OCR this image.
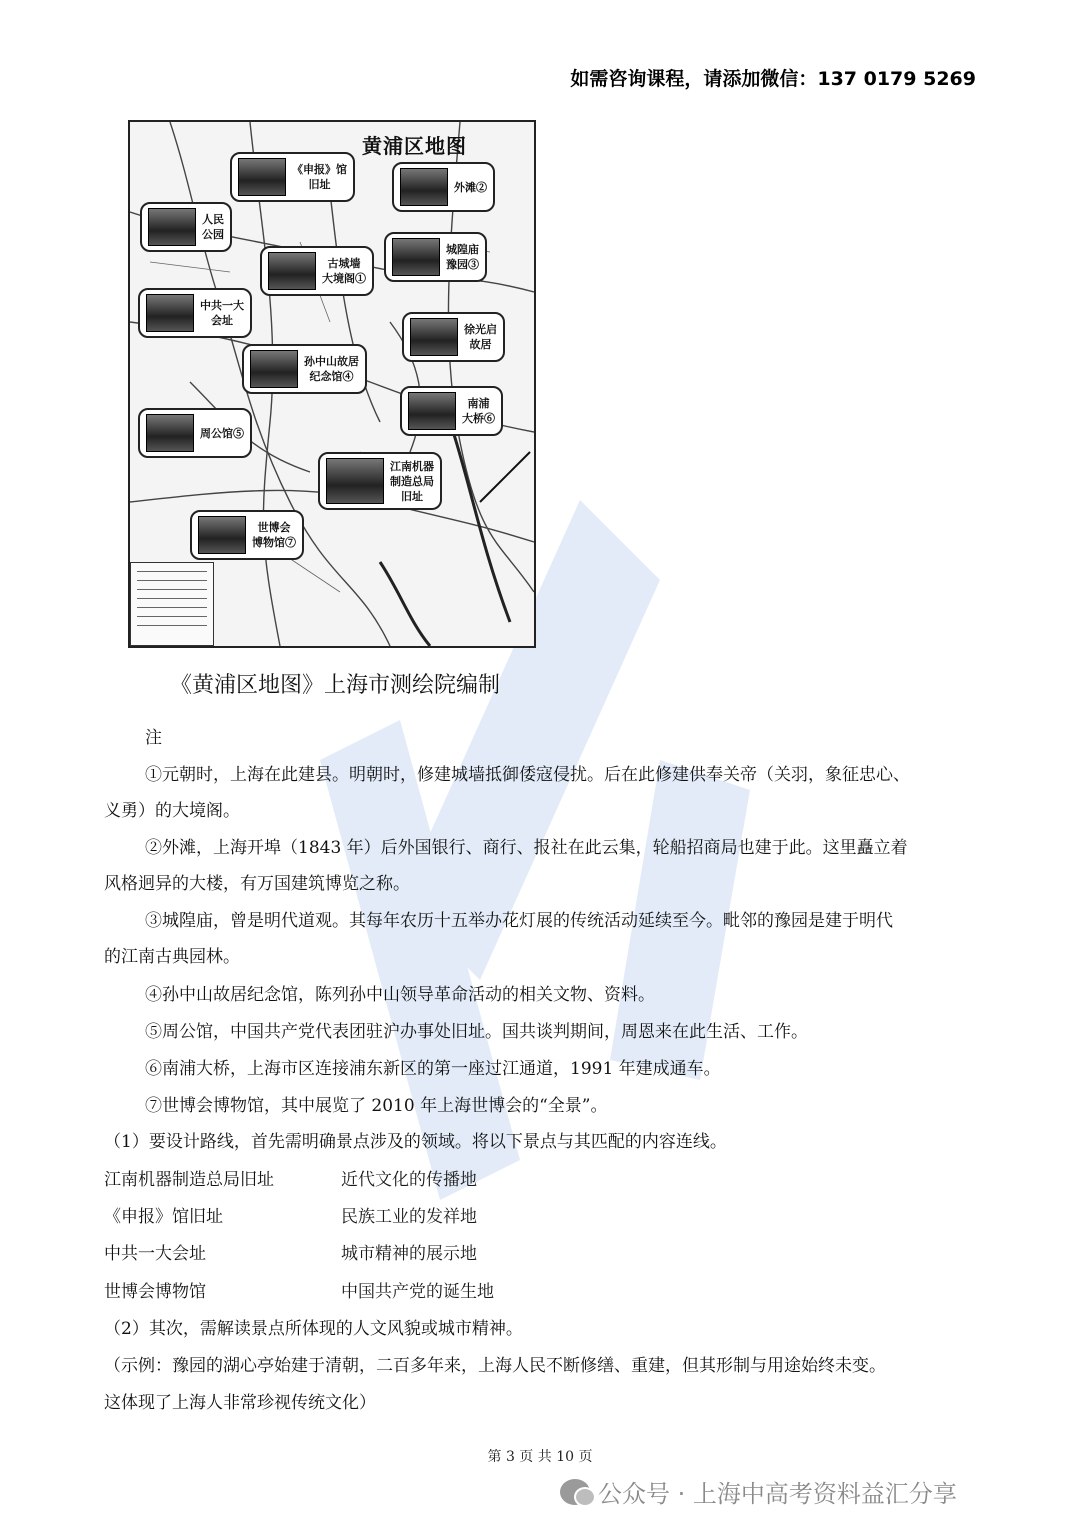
如需咨询课程，请添加微信：137 0179 5269
黄浦区地图
《申报》馆
旧址	外滩②
人民
公园
古城墙
大境阁①
城隍庙
豫园③
中共一大
会址
徐光启
故居
孙中山故居
纪念馆④
南浦
大桥⑥
周公馆⑤
江南机器
制造总局
旧址
世博会
博物馆⑦
《黄浦区地图》上海市测绘院编制
注
①元朝时，上海在此建县。明朝时，修建城墙抵御倭寇侵扰。后在此修建供奉关帝（关羽，象征忠心、
义勇）的大境阁。
②外滩，上海开埠（1843 年）后外国银行、商行、报社在此云集，轮船招商局也建于此。这里矗立着
风格迥异的大楼，有万国建筑博览之称。
③城隍庙，曾是明代道观。其每年农历十五举办花灯展的传统活动延续至今。毗邻的豫园是建于明代
的江南古典园林。
④孙中山故居纪念馆，陈列孙中山领导革命活动的相关文物、资料。
⑤周公馆，中国共产党代表团驻沪办事处旧址。国共谈判期间，周恩来在此生活、工作。
⑥南浦大桥，上海市区连接浦东新区的第一座过江通道，1991 年建成通车。
⑦世博会博物馆，其中展览了 2010 年上海世博会的“全景”。
（1）要设计路线，首先需明确景点涉及的领域。将以下景点与其匹配的内容连线。
江南机器制造总局旧址	近代文化的传播地
《申报》馆旧址	民族工业的发祥地
中共一大会址	城市精神的展示地
世博会博物馆	中国共产党的诞生地
（2）其次，需解读景点所体现的人文风貌或城市精神。
（示例：豫园的湖心亭始建于清朝，二百多年来，上海人民不断修缮、重建，但其形制与用途始终未变。
这体现了上海人非常珍视传统文化）
第 3 页 共 10 页
公众号 · 上海中高考资料益汇分享
